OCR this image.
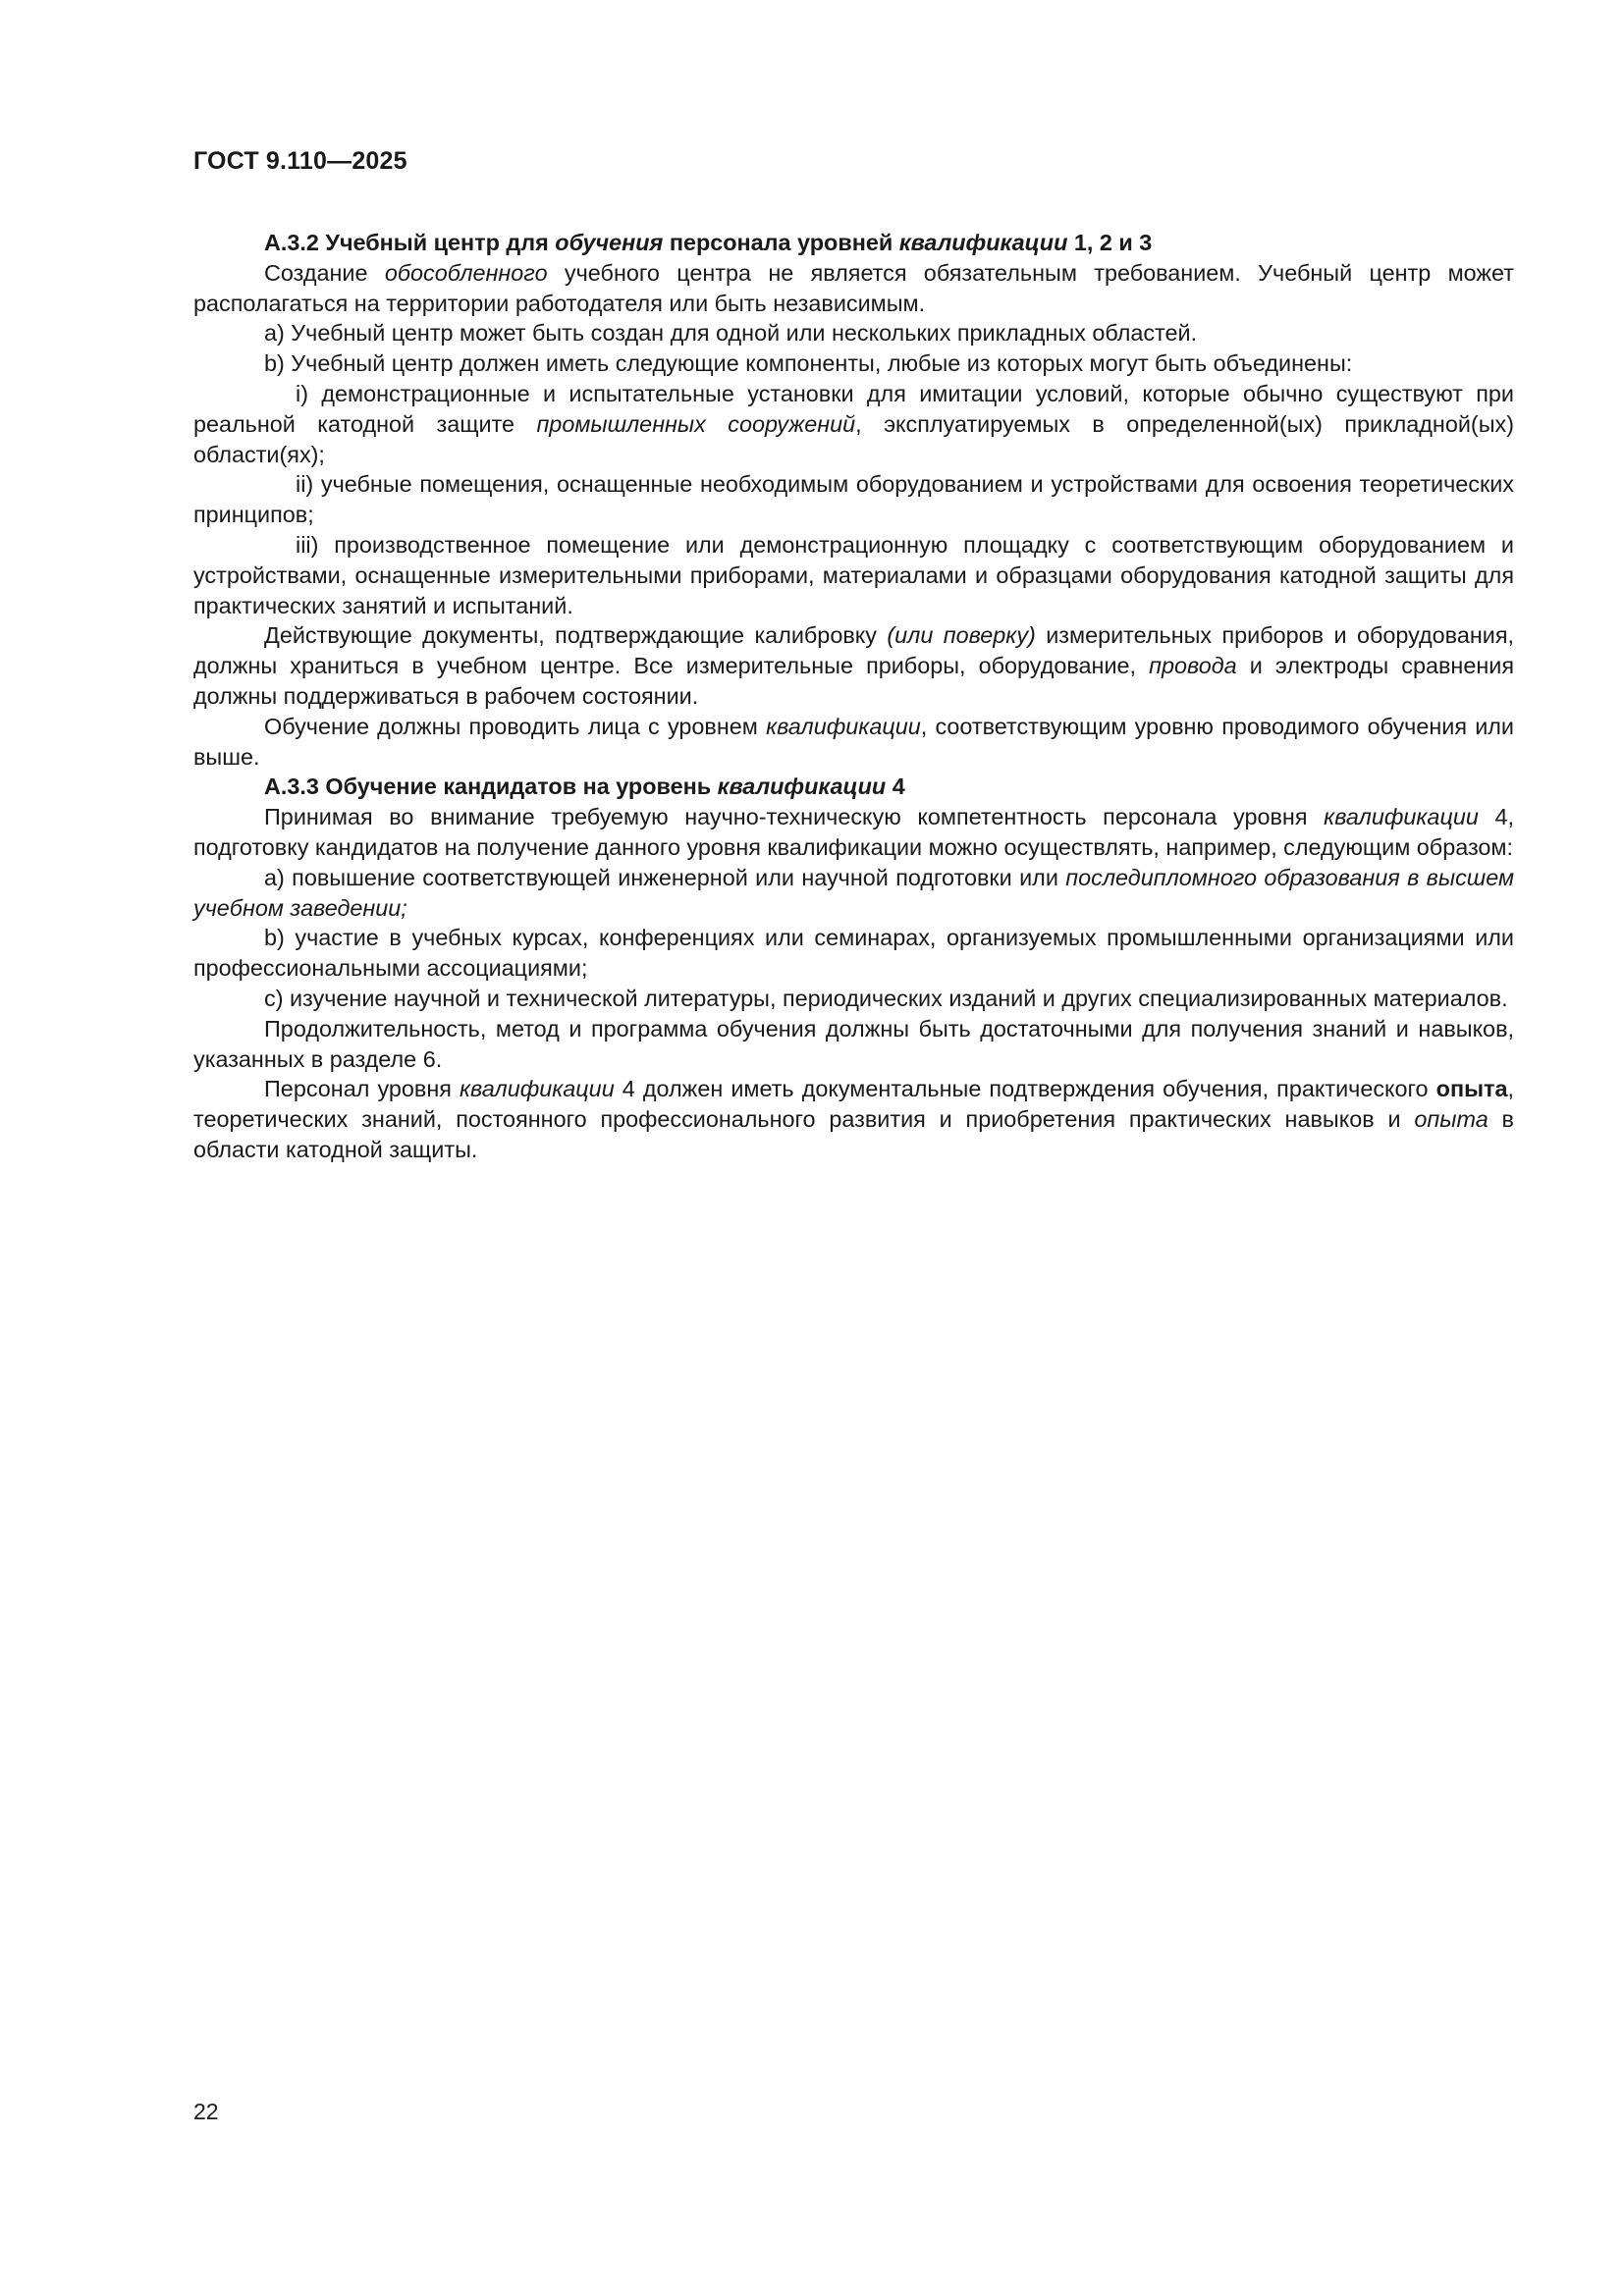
ГОСТ 9.110—2025

А.3.2 Учебный центр для обучения персонала уровней квалификации 1, 2 и 3

Создание обособленного учебного центра не является обязательным требованием. Учебный центр может располагаться на территории работодателя или быть независимым.

а) Учебный центр может быть создан для одной или нескольких прикладных областей.

b) Учебный центр должен иметь следующие компоненты, любые из которых могут быть объединены:

i) демонстрационные и испытательные установки для имитации условий, которые обычно существуют при реальной катодной защите промышленных сооружений, эксплуатируемых в определенной(ых) прикладной(ых) области(ях);

ii) учебные помещения, оснащенные необходимым оборудованием и устройствами для освоения теоретических принципов;

iii) производственное помещение или демонстрационную площадку с соответствующим оборудованием и устройствами, оснащенные измерительными приборами, материалами и образцами оборудования катодной защиты для практических занятий и испытаний.

Действующие документы, подтверждающие калибровку (или поверку) измерительных приборов и оборудования, должны храниться в учебном центре. Все измерительные приборы, оборудование, провода и электроды сравнения должны поддерживаться в рабочем состоянии.

Обучение должны проводить лица с уровнем квалификации, соответствующим уровню проводимого обучения или выше.

А.3.3 Обучение кандидатов на уровень квалификации 4

Принимая во внимание требуемую научно-техническую компетентность персонала уровня квалификации 4, подготовку кандидатов на получение данного уровня квалификации можно осуществлять, например, следующим образом:

а) повышение соответствующей инженерной или научной подготовки или последипломного образования в высшем учебном заведении;

b) участие в учебных курсах, конференциях или семинарах, организуемых промышленными организациями или профессиональными ассоциациями;

c) изучение научной и технической литературы, периодических изданий и других специализированных материалов.

Продолжительность, метод и программа обучения должны быть достаточными для получения знаний и навыков, указанных в разделе 6.

Персонал уровня квалификации 4 должен иметь документальные подтверждения обучения, практического опыта, теоретических знаний, постоянного профессионального развития и приобретения практических навыков и опыта в области катодной защиты.

22
